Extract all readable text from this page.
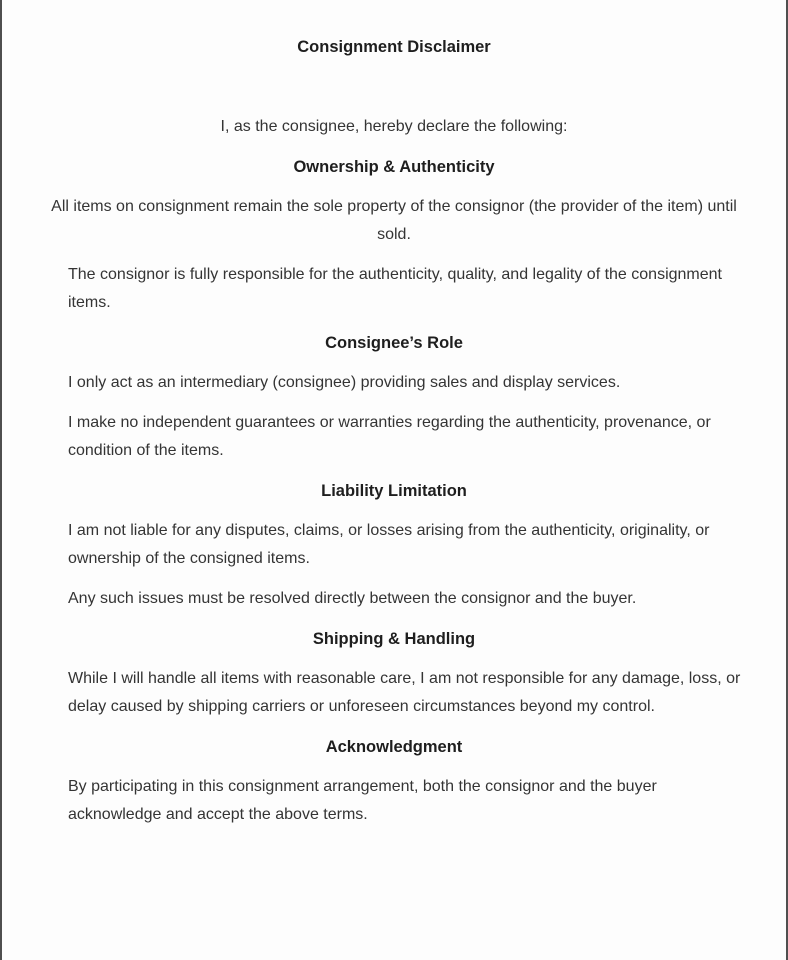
Consignment Disclaimer

I, as the consignee, hereby declare the following:

Ownership & Authenticity

All items on consignment remain the sole property of the consignor (the provider of the item) until sold.

The consignor is fully responsible for the authenticity, quality, and legality of the consignment items.

Consignee’s Role

I only act as an intermediary (consignee) providing sales and display services.

I make no independent guarantees or warranties regarding the authenticity, provenance, or condition of the items.

Liability Limitation

I am not liable for any disputes, claims, or losses arising from the authenticity, originality, or ownership of the consigned items.

Any such issues must be resolved directly between the consignor and the buyer.

Shipping & Handling

While I will handle all items with reasonable care, I am not responsible for any damage, loss, or delay caused by shipping carriers or unforeseen circumstances beyond my control.

Acknowledgment

By participating in this consignment arrangement, both the consignor and the buyer acknowledge and accept the above terms.
